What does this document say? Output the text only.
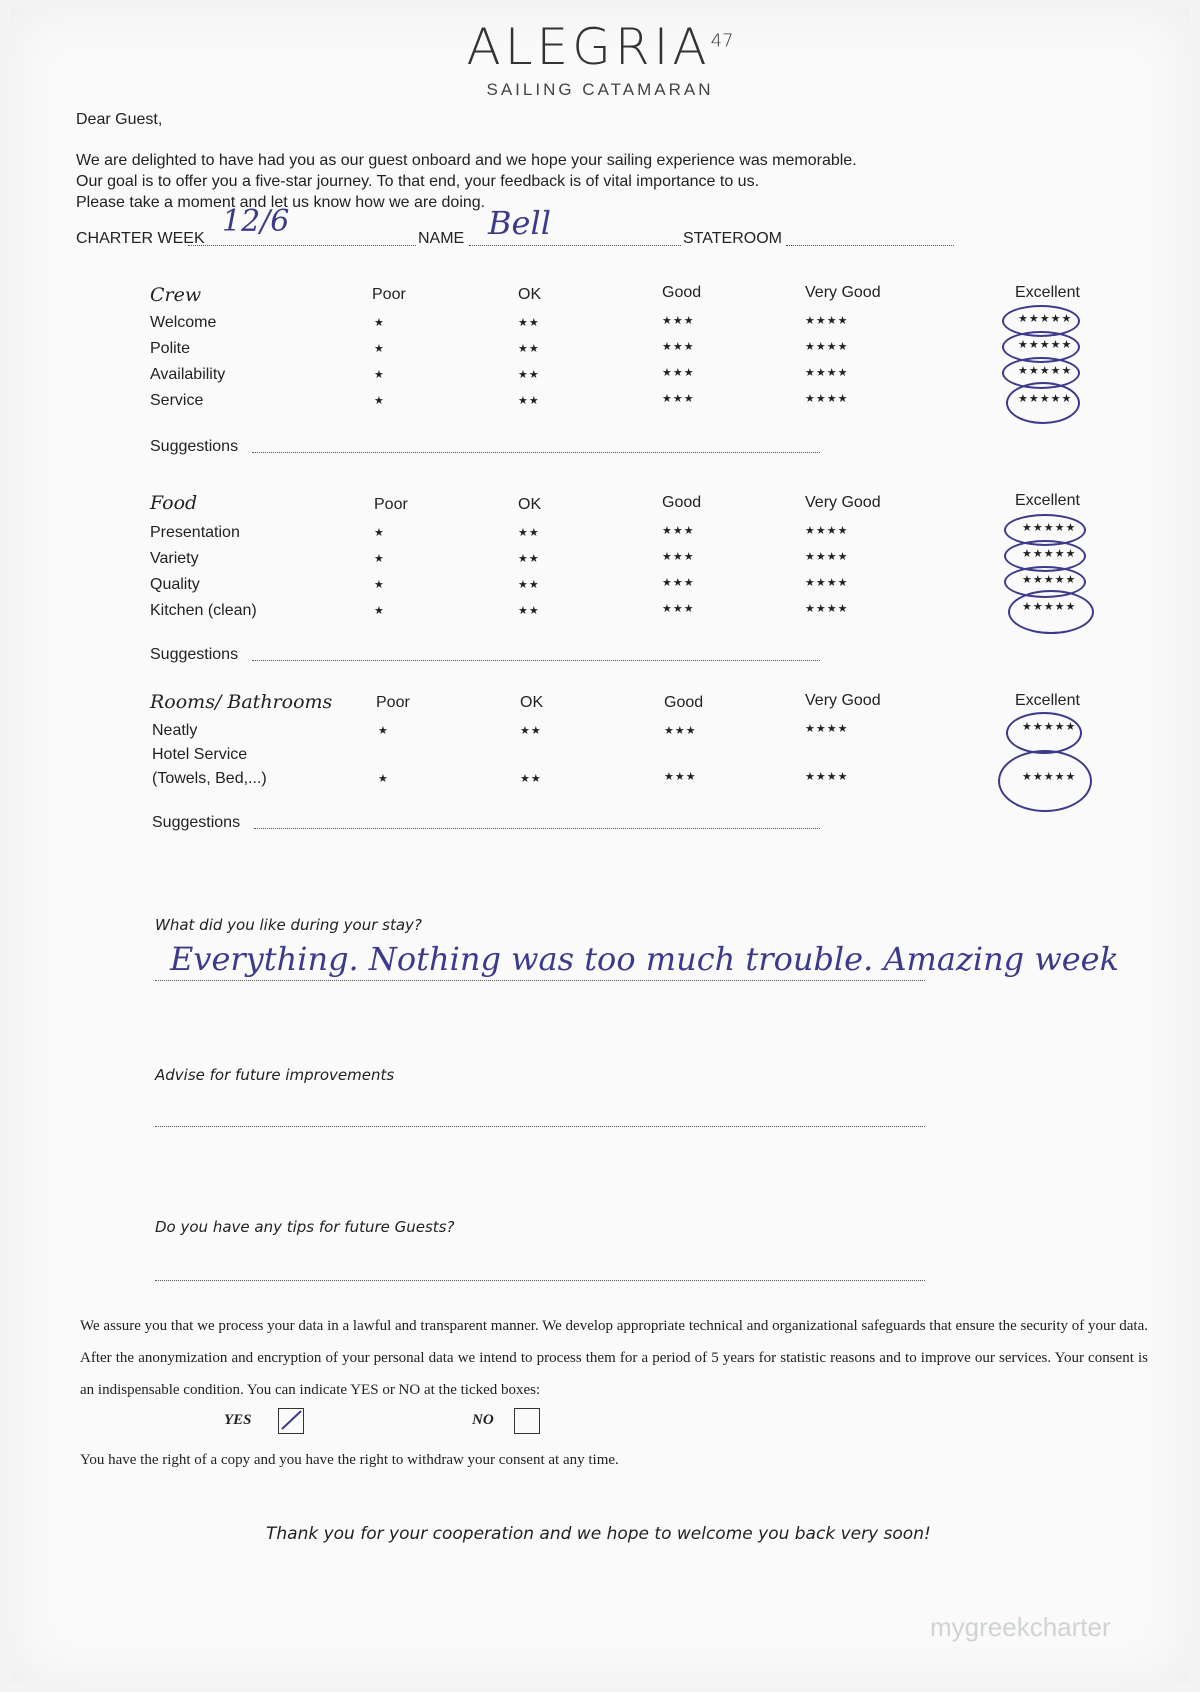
ALEGRIA$^{47}$
SAILING CATAMARAN
Dear Guest,
We are delighted to have had you as our guest onboard and we hope your sailing experience was memorable.
Our goal is to offer you a five-star journey. To that end, your feedback is of vital importance to us.
Please take a moment and let us know how we are doing.
CHARTER WEEK 12/6	NAME Bell	STATEROOM
Crew	Poor	OK	Good	Very Good	Excellent
Welcome	★	★★	★★★	★★★★	★★★★★
Polite	★	★★	★★★	★★★★	★★★★★
Availability	★	★★	★★★	★★★★	★★★★★
Service	★	★★	★★★	★★★★	★★★★★
Suggestions
Food	Poor	OK	Good	Very Good	Excellent
Presentation	★	★★	★★★	★★★★	★★★★★
Variety	★	★★	★★★	★★★★	★★★★★
Quality	★	★★	★★★	★★★★	★★★★★
Kitchen (clean)	★	★★	★★★	★★★★	★★★★★
Suggestions
Rooms/ Bathrooms	Poor	OK	Good	Very Good	Excellent
Neatly	★	★★	★★★	★★★★	★★★★★
Hotel Service
(Towels, Bed,...)	★	★★	★★★	★★★★	★★★★★
Suggestions
What did you like during your stay?
Everything. Nothing was too much trouble. Amazing week
Advise for future improvements
Do you have any tips for future Guests?
We assure you that we process your data in a lawful and transparent manner. We develop appropriate technical and organizational safeguards that ensure the security of your data. After the anonymization and encryption of your personal data we intend to process them for a period of 5 years for statistic reasons and to improve our services. Your consent is an indispensable condition. You can indicate YES or NO at the ticked boxes:
YES	NO
You have the right of a copy and you have the right to withdraw your consent at any time.
Thank you for your cooperation and we hope to welcome you back very soon!
mygreekcharter
